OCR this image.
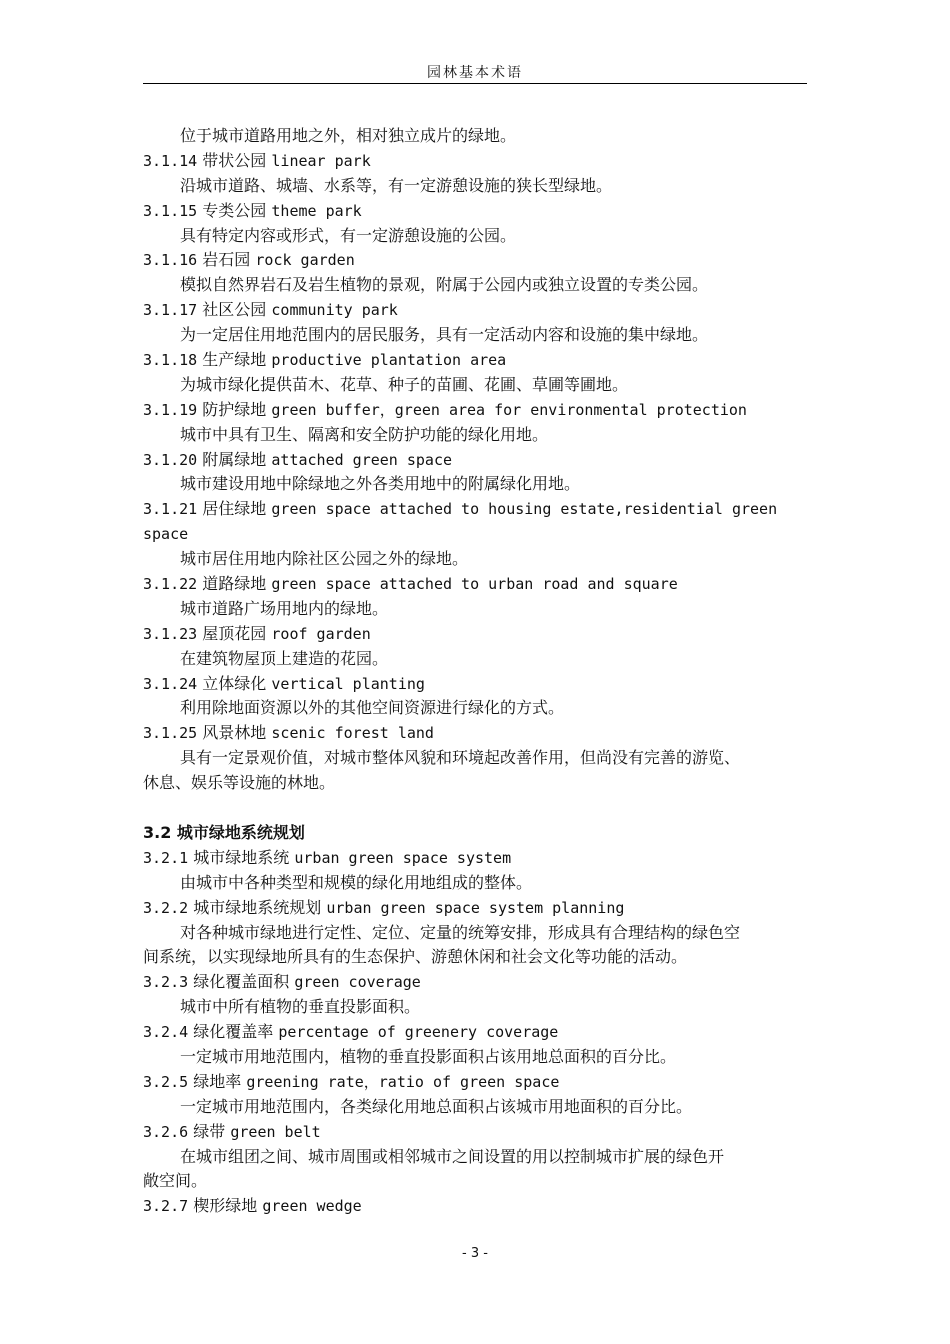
园林基本术语
位于城市道路用地之外，相对独立成片的绿地。
3.1.14 带状公园 linear park
沿城市道路、城墙、水系等，有一定游憩设施的狭长型绿地。
3.1.15 专类公园 theme park
具有特定内容或形式，有一定游憩设施的公园。
3.1.16 岩石园 rock garden
模拟自然界岩石及岩生植物的景观，附属于公园内或独立设置的专类公园。
3.1.17 社区公园 community park
为一定居住用地范围内的居民服务，具有一定活动内容和设施的集中绿地。
3.1.18 生产绿地 productive plantation area
为城市绿化提供苗木、花草、种子的苗圃、花圃、草圃等圃地。
3.1.19 防护绿地 green buffer，green area for environmental protection
城市中具有卫生、隔离和安全防护功能的绿化用地。
3.1.20 附属绿地 attached green space
城市建设用地中除绿地之外各类用地中的附属绿化用地。
3.1.21 居住绿地 green space attached to housing estate,residential green
space
城市居住用地内除社区公园之外的绿地。
3.1.22 道路绿地 green space attached to urban road and square
城市道路广场用地内的绿地。
3.1.23 屋顶花园 roof garden
在建筑物屋顶上建造的花园。
3.1.24 立体绿化 vertical planting
利用除地面资源以外的其他空间资源进行绿化的方式。
3.1.25 风景林地 scenic forest land
具有一定景观价值，对城市整体风貌和环境起改善作用，但尚没有完善的游览、
休息、娱乐等设施的林地。
3.2 城市绿地系统规划
3.2.1 城市绿地系统 urban green space system
由城市中各种类型和规模的绿化用地组成的整体。
3.2.2 城市绿地系统规划 urban green space system planning
对各种城市绿地进行定性、定位、定量的统筹安排，形成具有合理结构的绿色空
间系统，以实现绿地所具有的生态保护、游憩休闲和社会文化等功能的活动。
3.2.3 绿化覆盖面积 green coverage
城市中所有植物的垂直投影面积。
3.2.4 绿化覆盖率 percentage of greenery coverage
一定城市用地范围内，植物的垂直投影面积占该用地总面积的百分比。
3.2.5 绿地率 greening rate，ratio of green space
一定城市用地范围内，各类绿化用地总面积占该城市用地面积的百分比。
3.2.6 绿带 green belt
在城市组团之间、城市周围或相邻城市之间设置的用以控制城市扩展的绿色开
敞空间。
3.2.7 楔形绿地 green wedge
- 3 -
